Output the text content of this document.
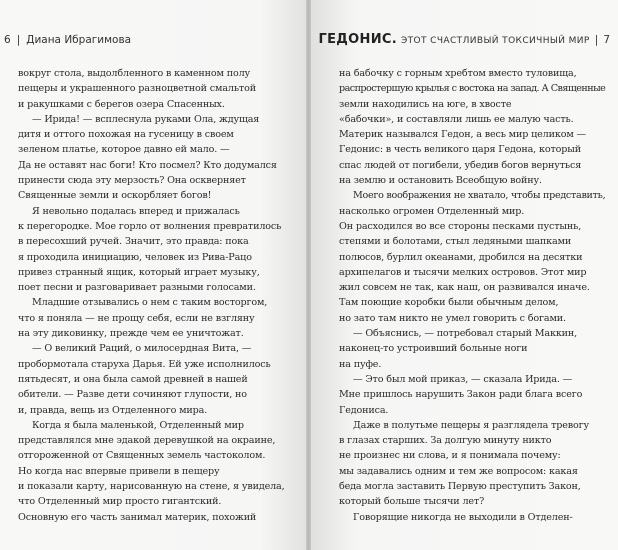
6 | Диана Ибрагимова
вокруг стола, выдолбленного в каменном полу
пещеры и украшенного разноцветной смальтой
и ракушками с берегов озера Спасенных.
— Ирида! — всплеснула руками Ола, ждущая
дитя и оттого похожая на гусеницу в своем
зеленом платье, которое давно ей мало. —
Да не оставят нас боги! Кто посмел? Кто додумался
принести сюда эту мерзость? Она оскверняет
Священные земли и оскорбляет богов!
Я невольно подалась вперед и прижалась
к перегородке. Мое горло от волнения превратилось
в пересохший ручей. Значит, это правда: пока
я проходила инициацию, человек из Рива-Рацо
привез странный ящик, который играет музыку,
поет песни и разговаривает разными голосами.
Младшие отзывались о нем с таким восторгом,
что я поняла — не прощу себя, если не взгляну
на эту диковинку, прежде чем ее уничтожат.
— О великий Раций, о милосердная Вита, —
пробормотала старуха Дарья. Ей уже исполнилось
пятьдесят, и она была самой древней в нашей
обители. — Разве дети сочиняют глупости, но
и, правда, вещь из Отделенного мира.
Когда я была маленькой, Отделенный мир
представлялся мне эдакой деревушкой на окраине,
отгороженной от Священных земель частоколом.
Но когда нас впервые привели в пещеру
и показали карту, нарисованную на стене, я увидела,
что Отделенный мир просто гигантский.
Основную его часть занимал материк, похожий
ГЕДОНИС. ЭТОТ СЧАСТЛИВЫЙ ТОКСИЧНЫЙ МИР | 7
на бабочку с горным хребтом вместо туловища,
распростершую крылья с востока на запад. А Священные
земли находились на юге, в хвосте
«бабочки», и составляли лишь ее малую часть.
Материк назывался Гедон, а весь мир целиком —
Гедонис: в честь великого царя Гедона, который
спас людей от погибели, убедив богов вернуться
на землю и остановить Всеобщую войну.
Моего воображения не хватало, чтобы представить,
насколько огромен Отделенный мир.
Он расходился во все стороны песками пустынь,
степями и болотами, стыл ледяными шапками
полюсов, бурлил океанами, дробился на десятки
архипелагов и тысячи мелких островов. Этот мир
жил совсем не так, как наш, он развивался иначе.
Там поющие коробки были обычным делом,
но зато там никто не умел говорить с богами.
— Объяснись, — потребовал старый Маккин,
наконец-то устроивший больные ноги
на пуфе.
— Это был мой приказ, — сказала Ирида. —
Мне пришлось нарушить Закон ради блага всего
Гедониса.
Даже в полутьме пещеры я разглядела тревогу
в глазах старших. За долгую минуту никто
не произнес ни слова, и я понимала почему:
мы задавались одним и тем же вопросом: какая
беда могла заставить Первую преступить Закон,
который больше тысячи лет?
Говорящие никогда не выходили в Отделен-
